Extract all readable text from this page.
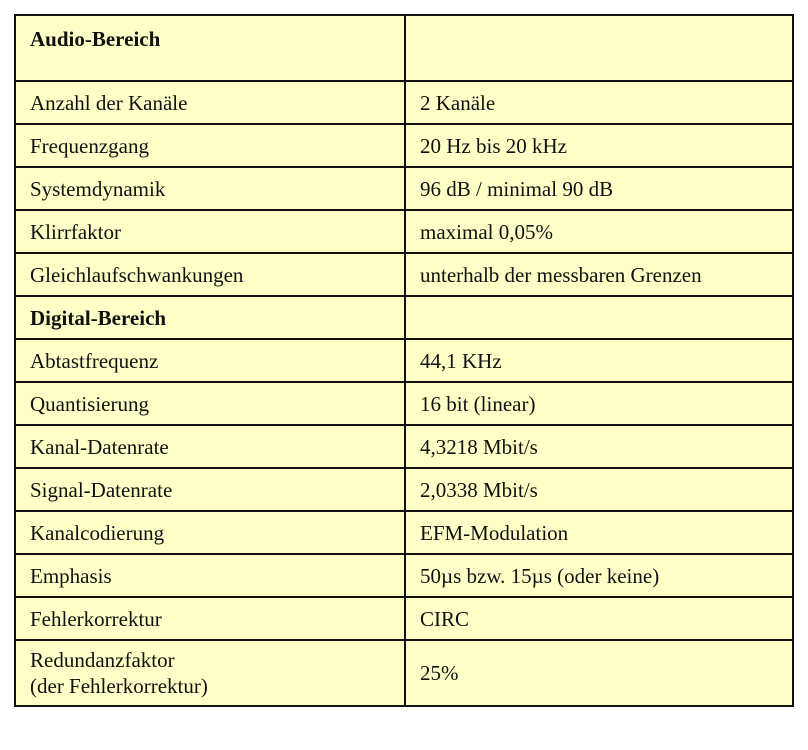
Audio-Bereich	
Anzahl der Kanäle	2 Kanäle
Frequenzgang	20 Hz bis 20 kHz
Systemdynamik	96 dB / minimal 90 dB
Klirrfaktor	maximal 0,05%
Gleichlaufschwankungen	unterhalb der messbaren Grenzen
Digital-Bereich	
Abtastfrequenz	44,1 KHz
Quantisierung	16 bit (linear)
Kanal-Datenrate	4,3218 Mbit/s
Signal-Datenrate	2,0338 Mbit/s
Kanalcodierung	EFM-Modulation
Emphasis	50µs bzw. 15µs (oder keine)
Fehlerkorrektur	CIRC

Redundanzfaktor
(der Fehlerkorrektur)	25%
